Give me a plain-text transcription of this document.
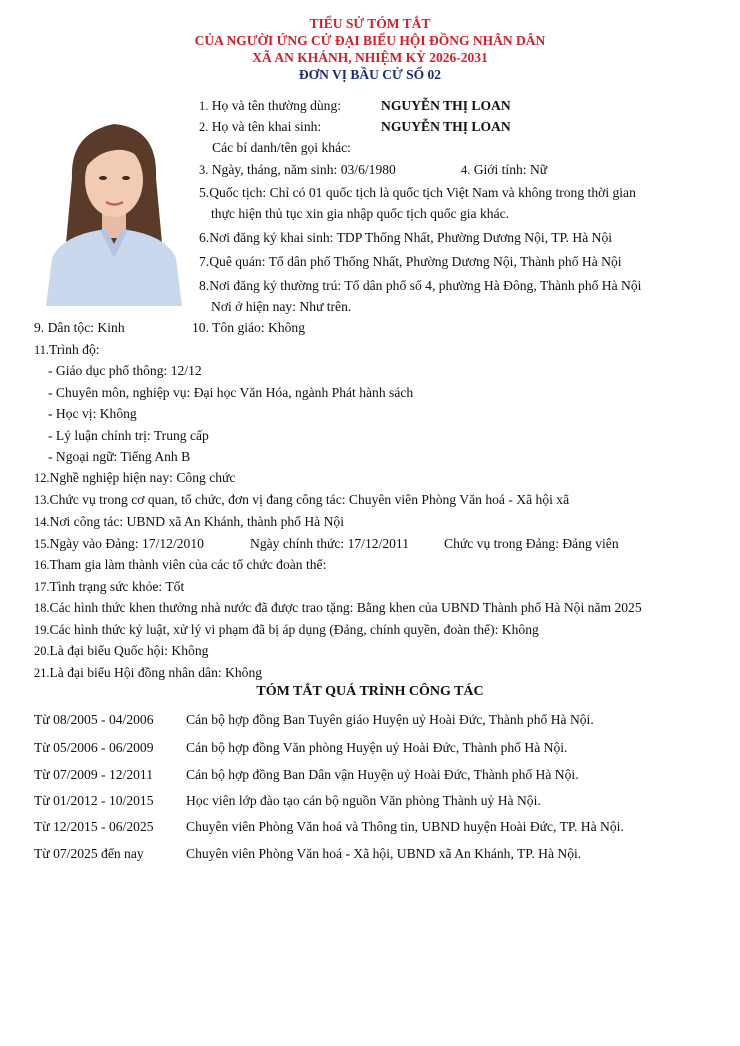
TIỂU SỬ TÓM TẮT
CỦA NGƯỜI ỨNG CỬ ĐẠI BIỂU HỘI ĐỒNG NHÂN DÂN
XÃ AN KHÁNH, NHIỆM KỲ 2026-2031
ĐƠN VỊ BẦU CỬ SỐ 02
1. Họ và tên thường dùng:	NGUYỄN THỊ LOAN
2. Họ và tên khai sinh:	NGUYỄN THỊ LOAN
Các bí danh/tên gọi khác:
3. Ngày, tháng, năm sinh: 03/6/1980	4. Giới tính: Nữ
5.Quốc tịch: Chỉ có 01 quốc tịch là quốc tịch Việt Nam và không trong thời gian
thực hiện thủ tục xin gia nhập quốc tịch quốc gia khác.
6.Nơi đăng ký khai sinh: TDP Thống Nhất, Phường Dương Nội, TP. Hà Nội
7.Quê quán: Tổ dân phố Thống Nhất, Phường Dương Nội, Thành phố Hà Nội
8.Nơi đăng ký thường trú: Tổ dân phố số 4, phường Hà Đông, Thành phố Hà Nội
Nơi ở hiện nay: Như trên.
9. Dân tộc: Kinh	10. Tôn giáo: Không
11.Trình độ:
- Giáo dục phổ thông: 12/12
- Chuyên môn, nghiệp vụ: Đại học Văn Hóa, ngành Phát hành sách
- Học vị: Không
- Lý luận chính trị: Trung cấp
- Ngoại ngữ: Tiếng Anh B
12.Nghề nghiệp hiện nay: Công chức
13.Chức vụ trong cơ quan, tổ chức, đơn vị đang công tác: Chuyên viên Phòng Văn hoá - Xã hội xã
14.Nơi công tác: UBND xã An Khánh, thành phố Hà Nội
15.Ngày vào Đảng: 17/12/2010	Ngày chính thức: 17/12/2011	Chức vụ trong Đảng: Đảng viên
16.Tham gia làm thành viên của các tổ chức đoàn thể:
17.Tình trạng sức khỏe: Tốt
18.Các hình thức khen thưởng nhà nước đã được trao tặng: Bằng khen của UBND Thành phố Hà Nội năm 2025
19.Các hình thức kỷ luật, xử lý vi phạm đã bị áp dụng (Đảng, chính quyền, đoàn thể): Không
20.Là đại biểu Quốc hội: Không
21.Là đại biểu Hội đồng nhân dân: Không
TÓM TẮT QUÁ TRÌNH CÔNG TÁC
Từ 08/2005 - 04/2006 Cán bộ hợp đồng Ban Tuyên giáo Huyện uỷ Hoài Đức, Thành phố Hà Nội.
Từ 05/2006 - 06/2009 Cán bộ hợp đồng Văn phòng Huyện uỷ Hoài Đức, Thành phố Hà Nội.
Từ 07/2009 - 12/2011 Cán bộ hợp đồng Ban Dân vận Huyện uỷ Hoài Đức, Thành phố Hà Nội.
Từ 01/2012 - 10/2015 Học viên lớp đào tạo cán bộ nguồn Văn phòng Thành uỷ Hà Nội.
Từ 12/2015 - 06/2025 Chuyên viên Phòng Văn hoá và Thông tin, UBND huyện Hoài Đức, TP. Hà Nội.
Từ 07/2025 đến nay	Chuyên viên Phòng Văn hoá - Xã hội, UBND xã An Khánh, TP. Hà Nội.
